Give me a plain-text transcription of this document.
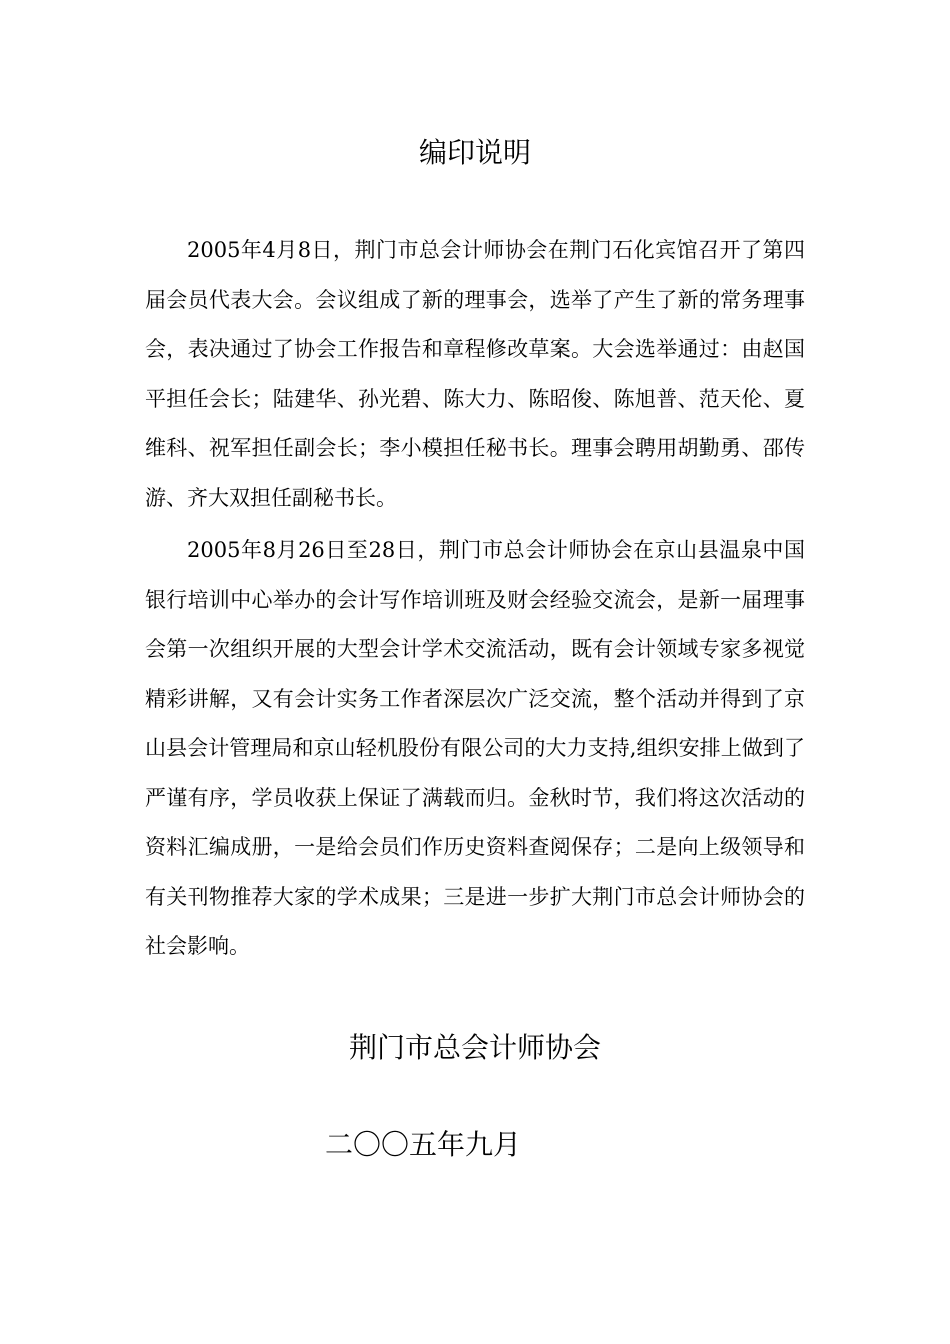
编印说明

2005年4月8日，荆门市总会计师协会在荆门石化宾馆召开了第四届会员代表大会。会议组成了新的理事会，选举了产生了新的常务理事会，表决通过了协会工作报告和章程修改草案。大会选举通过：由赵国平担任会长；陆建华、孙光碧、陈大力、陈昭俊、陈旭普、范天伦、夏维科、祝军担任副会长；李小模担任秘书长。理事会聘用胡勤勇、邵传游、齐大双担任副秘书长。

2005年8月26日至28日，荆门市总会计师协会在京山县温泉中国银行培训中心举办的会计写作培训班及财会经验交流会，是新一届理事会第一次组织开展的大型会计学术交流活动，既有会计领域专家多视觉精彩讲解，又有会计实务工作者深层次广泛交流，整个活动并得到了京山县会计管理局和京山轻机股份有限公司的大力支持,组织安排上做到了严谨有序，学员收获上保证了满载而归。金秋时节，我们将这次活动的资料汇编成册，一是给会员们作历史资料查阅保存；二是向上级领导和有关刊物推荐大家的学术成果；三是进一步扩大荆门市总会计师协会的社会影响。

荆门市总会计师协会
二〇〇五年九月
